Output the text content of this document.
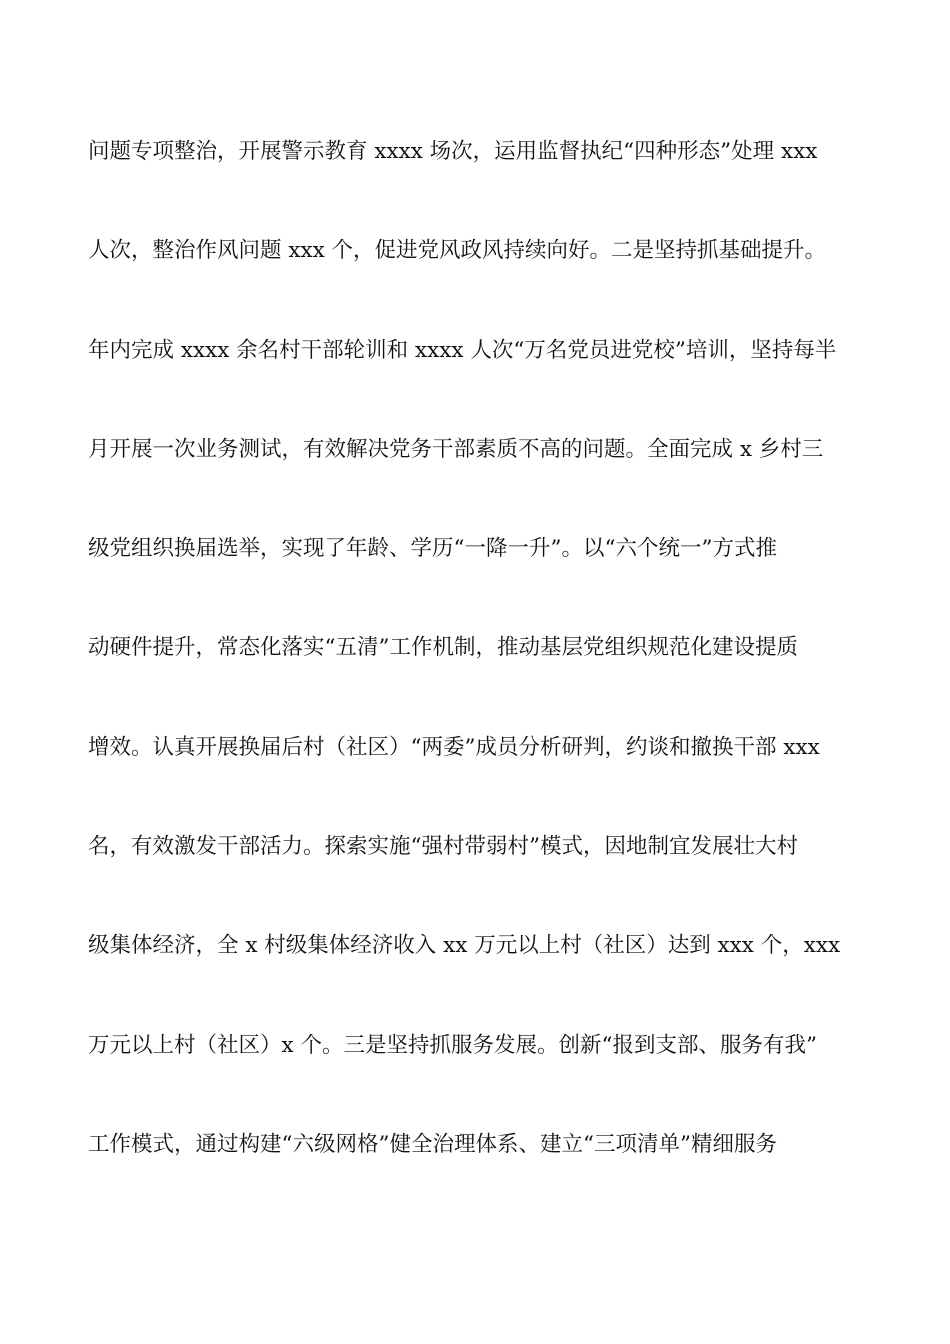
问题专项整治，开展警示教育 xxxx 场次，运用监督执纪“四种形态”处理 xxx
人次，整治作风问题 xxx 个，促进党风政风持续向好。二是坚持抓基础提升。
年内完成 xxxx 余名村干部轮训和 xxxx 人次“万名党员进党校”培训，坚持每半
月开展一次业务测试，有效解决党务干部素质不高的问题。全面完成 x 乡村三
级党组织换届选举，实现了年龄、学历“一降一升”。以“六个统一”方式推
动硬件提升，常态化落实“五清”工作机制，推动基层党组织规范化建设提质
增效。认真开展换届后村（社区）“两委”成员分析研判，约谈和撤换干部 xxx
名，有效激发干部活力。探索实施“强村带弱村”模式，因地制宜发展壮大村
级集体经济，全 x 村级集体经济收入 xx 万元以上村（社区）达到 xxx 个，xxx
万元以上村（社区）x 个。三是坚持抓服务发展。创新“报到支部、服务有我”
工作模式，通过构建“六级网格”健全治理体系、建立“三项清单”精细服务
